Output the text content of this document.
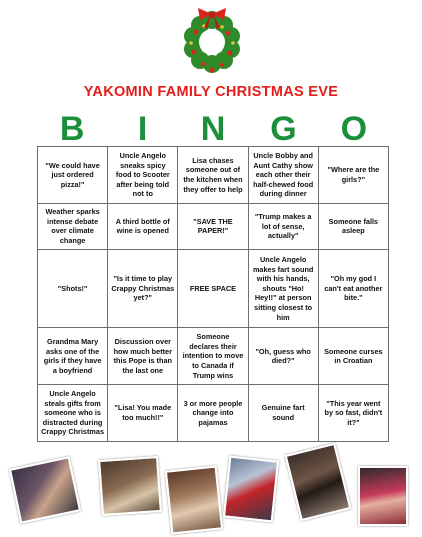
YAKOMIN FAMILY CHRISTMAS EVE
B	I	N	G	O
"We could have just ordered pizza!"	Uncle Angelo sneaks spicy food to Scooter after being told not to	Lisa chases someone out of the kitchen when they offer to help	Uncle Bobby and Aunt Cathy show each other their half-chewed food during dinner	"Where are the girls?"
Weather sparks intense debate over climate change	A third bottle of wine is opened	"SAVE THE PAPER!"	"Trump makes a lot of sense, actually"	Someone falls asleep
"Shots!"	"Is it time to play Crappy Christmas yet?"	FREE SPACE	Uncle Angelo makes fart sound with his hands, shouts "Ho! Hey!!" at person sitting closest to him	"Oh my god I can't eat another bite."
Grandma Mary asks one of the girls if they have a boyfriend	Discussion over how much better this Pope is than the last one	Someone declares their intention to move to Canada if Trump wins	"Oh, guess who died?"	Someone curses in Croatian
Uncle Angelo steals gifts from someone who is distracted during Crappy Christmas	"Lisa! You made too much!!"	3 or more people change into pajamas	Genuine fart sound	"This year went by so fast, didn't it?"
